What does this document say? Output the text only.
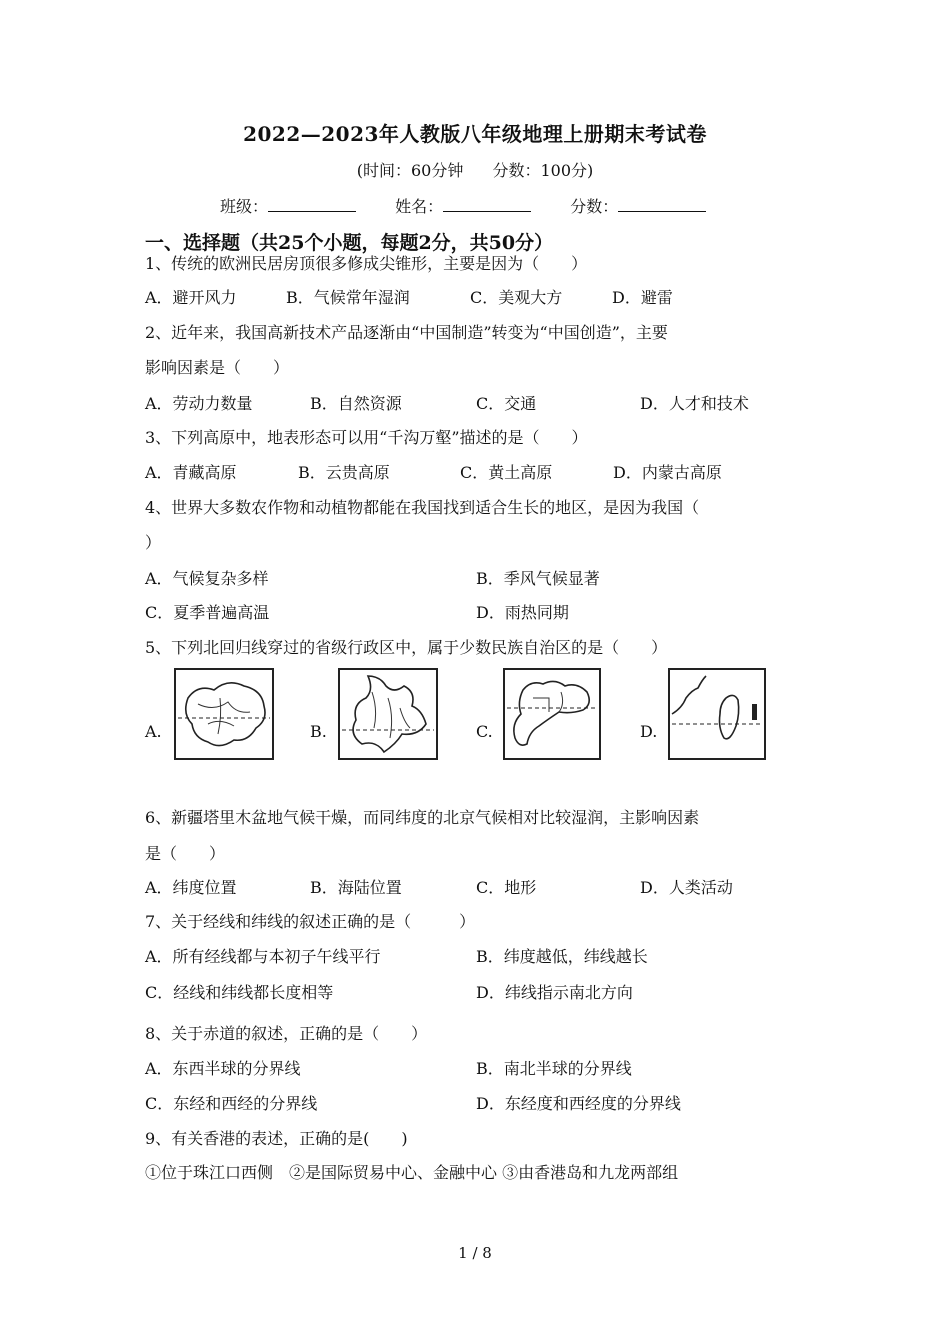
2022—2023年人教版八年级地理上册期末考试卷
(时间：60分钟 分数：100分)
班级：	姓名：	分数：
一、选择题（共25个小题，每题2分，共50分）
1、传统的欧洲民居房顶很多修成尖锥形，主要是因为（　　）
A．避开风力	B．气候常年湿润	C．美观大方	D．避雷
2、近年来，我国高新技术产品逐渐由“中国制造”转变为“中国创造”，主要
影响因素是（　　）
A．劳动力数量	B．自然资源	C．交通	D．人才和技术
3、下列高原中，地表形态可以用“千沟万壑”描述的是（　　）
A．青藏高原	B．云贵高原	C．黄土高原	D．内蒙古高原
4、世界大多数农作物和动植物都能在我国找到适合生长的地区，是因为我国（
）
A．气候复杂多样	B．季风气候显著
C．夏季普遍高温	D．雨热同期
5、下列北回归线穿过的省级行政区中，属于少数民族自治区的是（　　）
A.	B.	C.	D.
6、新疆塔里木盆地气候干燥，而同纬度的北京气候相对比较湿润，主影响因素
是（　　）
A．纬度位置	B．海陆位置	C．地形	D．人类活动
7、关于经线和纬线的叙述正确的是（　　　）
A．所有经线都与本初子午线平行	B．纬度越低，纬线越长
C．经线和纬线都长度相等	D．纬线指示南北方向
8、关于赤道的叙述，正确的是（　　）
A．东西半球的分界线	B．南北半球的分界线
C．东经和西经的分界线	D．东经度和西经度的分界线
9、有关香港的表述，正确的是(　　)
①位于珠江口西侧　②是国际贸易中心、金融中心 ③由香港岛和九龙两部组
1 / 8
